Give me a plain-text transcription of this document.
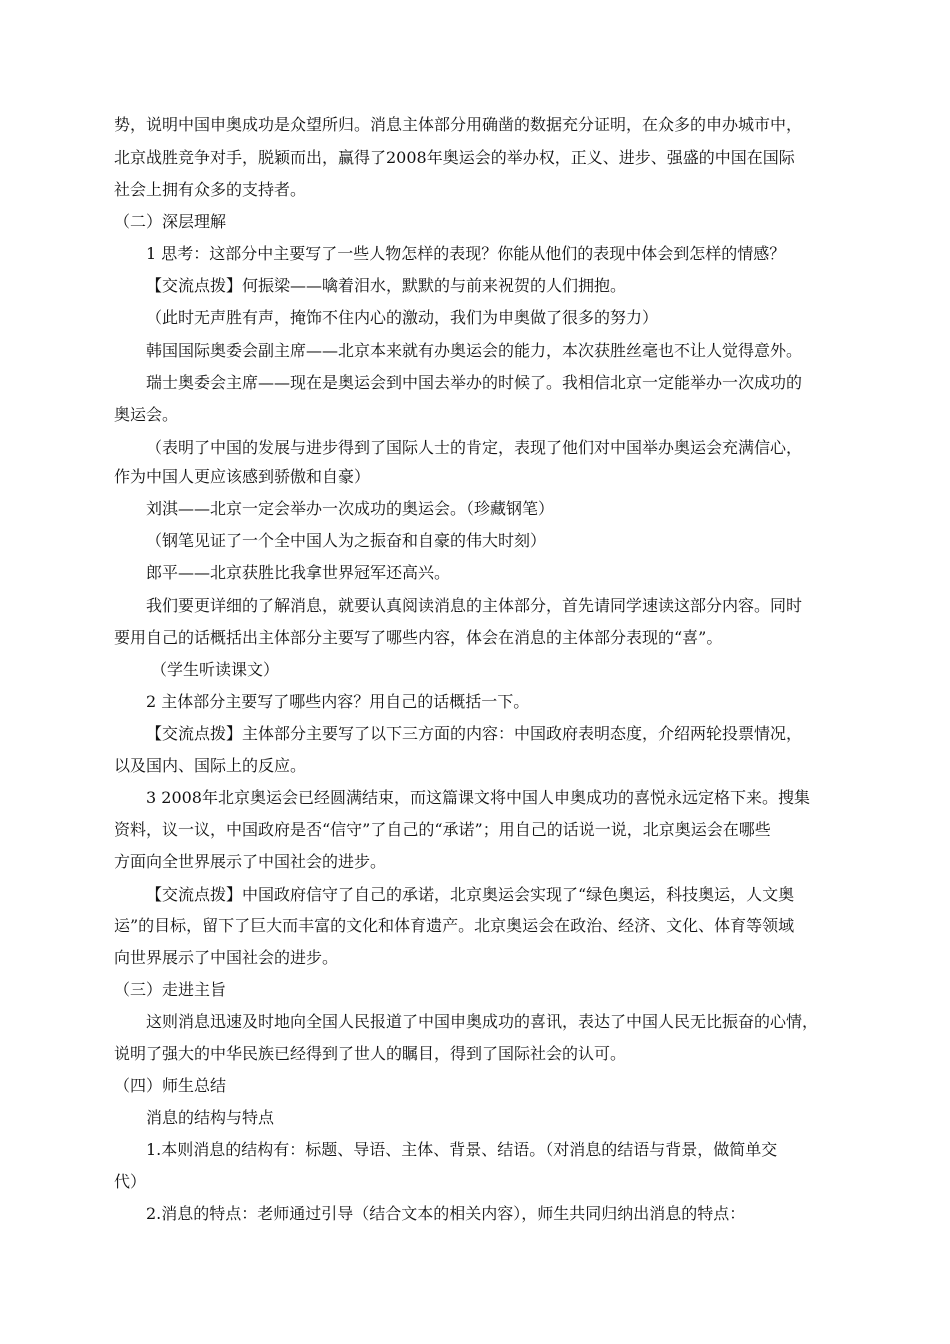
势，说明中国申奥成功是众望所归。消息主体部分用确凿的数据充分证明，在众多的申办城市中，
北京战胜竞争对手，脱颖而出，赢得了2008年奥运会的举办权，正义、进步、强盛的中国在国际
社会上拥有众多的支持者。
（二）深层理解
1 思考：这部分中主要写了一些人物怎样的表现？你能从他们的表现中体会到怎样的情感？
【交流点拨】何振梁——噙着泪水，默默的与前来祝贺的人们拥抱。
（此时无声胜有声，掩饰不住内心的激动，我们为申奥做了很多的努力）
韩国国际奥委会副主席——北京本来就有办奥运会的能力，本次获胜丝毫也不让人觉得意外。
瑞士奥委会主席——现在是奥运会到中国去举办的时候了。我相信北京一定能举办一次成功的
奥运会。
（表明了中国的发展与进步得到了国际人士的肯定，表现了他们对中国举办奥运会充满信心，
作为中国人更应该感到骄傲和自豪）
刘淇——北京一定会举办一次成功的奥运会。（珍藏钢笔）
（钢笔见证了一个全中国人为之振奋和自豪的伟大时刻）
郎平——北京获胜比我拿世界冠军还高兴。
我们要更详细的了解消息，就要认真阅读消息的主体部分，首先请同学速读这部分内容。同时
要用自己的话概括出主体部分主要写了哪些内容，体会在消息的主体部分表现的“喜”。
（学生听读课文）
2 主体部分主要写了哪些内容？用自己的话概括一下。
【交流点拨】主体部分主要写了以下三方面的内容：中国政府表明态度，介绍两轮投票情况，
以及国内、国际上的反应。
3 2008年北京奥运会已经圆满结束，而这篇课文将中国人申奥成功的喜悦永远定格下来。搜集
资料，议一议，中国政府是否“信守”了自己的“承诺”；用自己的话说一说，北京奥运会在哪些
方面向全世界展示了中国社会的进步。
【交流点拨】中国政府信守了自己的承诺，北京奥运会实现了“绿色奥运，科技奥运，人文奥
运”的目标，留下了巨大而丰富的文化和体育遗产。北京奥运会在政治、经济、文化、体育等领域
向世界展示了中国社会的进步。
（三）走进主旨
这则消息迅速及时地向全国人民报道了中国申奥成功的喜讯，表达了中国人民无比振奋的心情，
说明了强大的中华民族已经得到了世人的瞩目，得到了国际社会的认可。
（四）师生总结
消息的结构与特点
1.本则消息的结构有：标题、导语、主体、背景、结语。（对消息的结语与背景，做简单交
代）
2.消息的特点：老师通过引导（结合文本的相关内容），师生共同归纳出消息的特点：
